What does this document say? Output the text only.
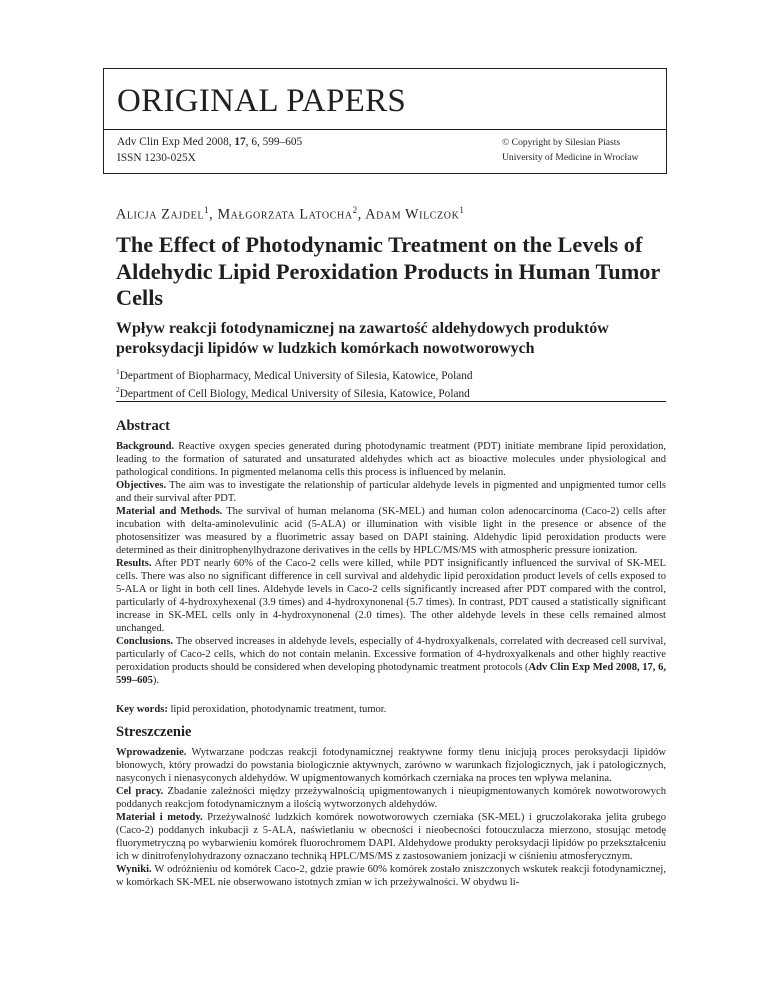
ORIGINAL PAPERS
Adv Clin Exp Med 2008, 17, 6, 599–605
ISSN 1230-025X
© Copyright by Silesian Piasts
University of Medicine in Wrocław
Alicja Zajdel$^1$, Małgorzata Latocha$^2$, Adam Wilczok$^1$
The Effect of Photodynamic Treatment on the Levels of Aldehydic Lipid Peroxidation Products in Human Tumor Cells
Wpływ reakcji fotodynamicznej na zawartość aldehydowych produktów peroksydacji lipidów w ludzkich komórkach nowotworowych
$^1$Department of Biopharmacy, Medical University of Silesia, Katowice, Poland
$^2$Department of Cell Biology, Medical University of Silesia, Katowice, Poland
Abstract

Background. Reactive oxygen species generated during photodynamic treatment (PDT) initiate membrane lipid peroxidation, leading to the formation of saturated and unsaturated aldehydes which act as bioactive molecules under physiological and pathological conditions. In pigmented melanoma cells this process is influenced by melanin.

Objectives. The aim was to investigate the relationship of particular aldehyde levels in pigmented and unpigmented tumor cells and their survival after PDT.

Material and Methods. The survival of human melanoma (SK-MEL) and human colon adenocarcinoma (Caco-2) cells after incubation with delta-aminolevulinic acid (5-ALA) or illumination with visible light in the presence or absence of the photosensitizer was measured by a fluorimetric assay based on DAPI staining. Aldehydic lipid peroxidation products were determined as their dinitrophenylhydrazone derivatives in the cells by HPLC/MS/MS with atmospheric pressure ionization.

Results. After PDT nearly 60% of the Caco-2 cells were killed, while PDT insignificantly influenced the survival of SK-MEL cells. There was also no significant difference in cell survival and aldehydic lipid peroxidation product levels of cells exposed to 5-ALA or light in both cell lines. Aldehyde levels in Caco-2 cells significantly increased after PDT compared with the control, particularly of 4-hydroxyhexenal (3.9 times) and 4-hydroxynonenal (5.7 times). In contrast, PDT caused a statistically significant increase in SK-MEL cells only in 4-hydroxynonenal (2.0 times). The other aldehyde levels in these cells remained almost unchanged.

Conclusions. The observed increases in aldehyde levels, especially of 4-hydroxyalkenals, correlated with decreased cell survival, particularly of Caco-2 cells, which do not contain melanin. Excessive formation of 4-hydroxyalkenals and other highly reactive peroxidation products should be considered when developing photodynamic treatment protocols (Adv Clin Exp Med 2008, 17, 6, 599–605).

Key words: lipid peroxidation, photodynamic treatment, tumor.

Streszczenie

Wprowadzenie. Wytwarzane podczas reakcji fotodynamicznej reaktywne formy tlenu inicjują proces peroksydacji lipidów błonowych, który prowadzi do powstania biologicznie aktywnych, zarówno w warunkach fizjologicznych, jak i patologicznych, nasyconych i nienasyconych aldehydów. W upigmentowanych komórkach czerniaka na proces ten wpływa melanina.

Cel pracy. Zbadanie zależności między przeżywalnością upigmentowanych i nieupigmentowanych komórek nowotworowych poddanych reakcjom fotodynamicznym a ilością wytworzonych aldehydów.

Materiał i metody. Przeżywalność ludzkich komórek nowotworowych czerniaka (SK-MEL) i gruczolakoraka jelita grubego (Caco-2) poddanych inkubacji z 5-ALA, naświetlaniu w obecności i nieobecności fotouczulacza mierzono, stosując metodę fluorymetryczną po wybarwieniu komórek fluorochromem DAPI. Aldehydowe produkty peroksydacji lipidów po przekształceniu ich w dinitrofenylohydrazony oznaczano techniką HPLC/MS/MS z zastosowaniem jonizacji w ciśnieniu atmosferycznym.

Wyniki. W odróżnieniu od komórek Caco-2, gdzie prawie 60% komórek zostało zniszczonych wskutek reakcji fotodynamicznej, w komórkach SK-MEL nie obserwowano istotnych zmian w ich przeżywalności. W obydwu li-
